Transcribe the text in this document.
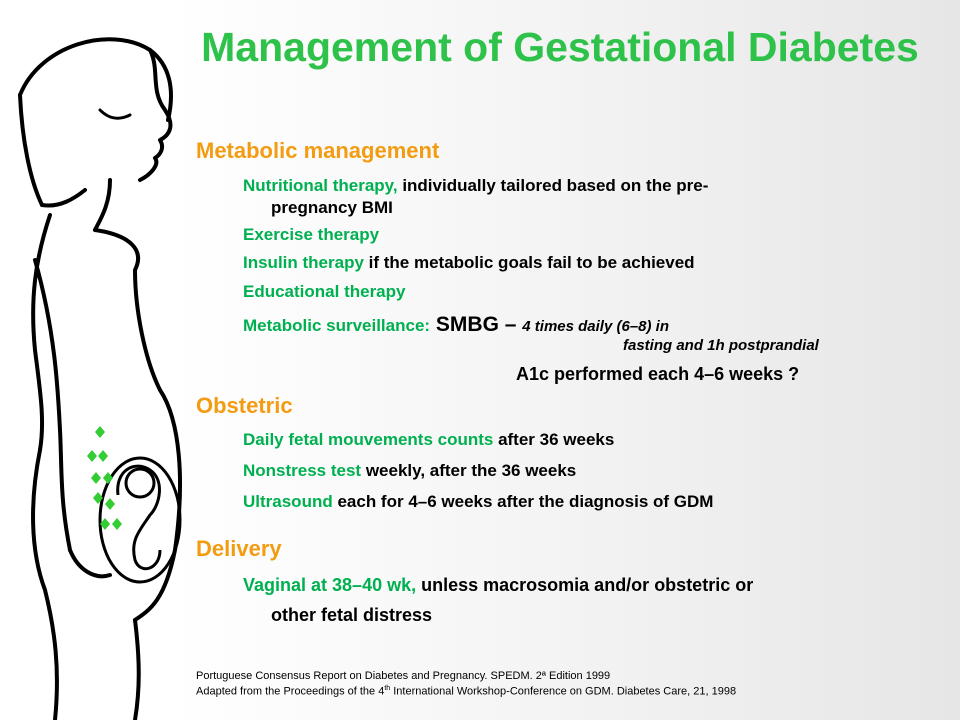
Management of Gestational Diabetes
Metabolic management
Nutritional therapy, individually tailored based on the pre-
pregnancy BMI
Exercise therapy
Insulin therapy if the metabolic goals fail to be achieved
Educational therapy
Metabolic surveillance: SMBG – 4 times daily (6–8) in
fasting and 1h postprandial
A1c performed each 4–6 weeks ?
Obstetric
Daily fetal mouvements counts after 36 weeks
Nonstress test weekly, after the 36 weeks
Ultrasound each for 4–6 weeks after the diagnosis of GDM
Delivery
Vaginal at 38–40 wk, unless macrosomia and/or obstetric or
other fetal distress
Portuguese Consensus Report on Diabetes and Pregnancy. SPEDM. 2ª Edition 1999
Adapted from the Proceedings of the 4th International Workshop-Conference on GDM. Diabetes Care, 21, 1998
